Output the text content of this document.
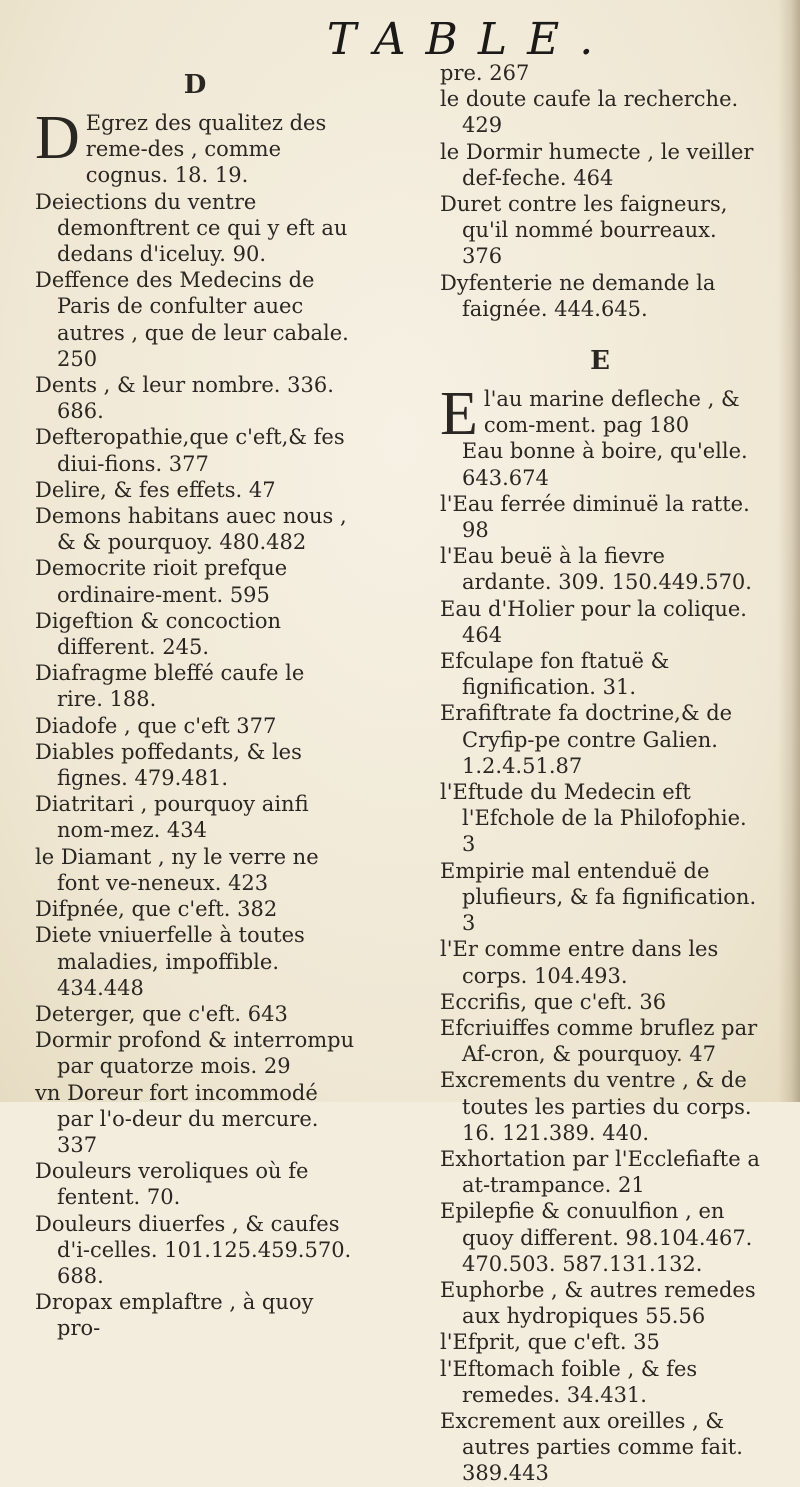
TABLE.
D

D Egrez des qualitez des reme-des , comme cognus. 18. 19.

Deiections du ventre demonftrent ce qui y eft au dedans d'iceluy. 90.

Deffence des Medecins de Paris de confulter auec autres , que de leur cabale. 250

Dents , & leur nombre. 336. 686.

Defteropathie,que c'eft,& fes diui-fions. 377

Delire, & fes effets. 47

Demons habitans auec nous , & & pourquoy. 480.482

Democrite rioit prefque ordinaire-ment. 595

Digeftion & concoction different. 245.

Diafragme bleffé caufe le rire. 188.

Diadofe , que c'eft 377

Diables poffedants, & les fignes. 479.481.

Diatritari , pourquoy ainfi nom-mez. 434

le Diamant , ny le verre ne font ve-neneux. 423

Difpnée, que c'eft. 382

Diete vniuerfelle à toutes maladies, impoffible. 434.448

Deterger, que c'eft. 643

Dormir profond & interrompu par quatorze mois. 29

vn Doreur fort incommodé par l'o-deur du mercure. 337

Douleurs veroliques où fe fentent. 70.

Douleurs diuerfes , & caufes d'i-celles. 101.125.459.570. 688.

Dropax emplaftre , à quoy pro-

pre. 267

le doute caufe la recherche. 429

le Dormir humecte , le veiller def-feche. 464

Duret contre les faigneurs, qu'il nommé bourreaux. 376

Dyfenterie ne demande la faignée. 444.645.

E

l'
E au marine defleche , & com-ment. pag 180

Eau bonne à boire, qu'elle. 643.674

l'Eau ferrée diminuë la ratte. 98

l'Eau beuë à la fievre ardante. 309. 150.449.570.

Eau d'Holier pour la colique. 464

Efculape fon ftatuë & fignification. 31.

Erafiftrate fa doctrine,& de Cryfip-pe contre Galien. 1.2.4.51.87

l'Eftude du Medecin eft l'Efchole de la Philofophie. 3

Empirie mal entenduë de plufieurs, & fa fignification. 3

l'Er comme entre dans les corps. 104.493.

Eccrifis, que c'eft. 36

Efcriuiffes comme bruflez par Af-cron, & pourquoy. 47

Excrements du ventre , & de toutes les parties du corps. 16. 121.389. 440.

Exhortation par l'Ecclefiafte a at-trampance. 21

Epilepfie & conuulfion , en quoy different. 98.104.467. 470.503. 587.131.132.

Euphorbe , & autres remedes aux hydropiques 55.56

l'Efprit, que c'eft. 35

l'Eftomach foible , & fes remedes. 34.431.

Excrement aux oreilles , & autres parties comme fait. 389.443
